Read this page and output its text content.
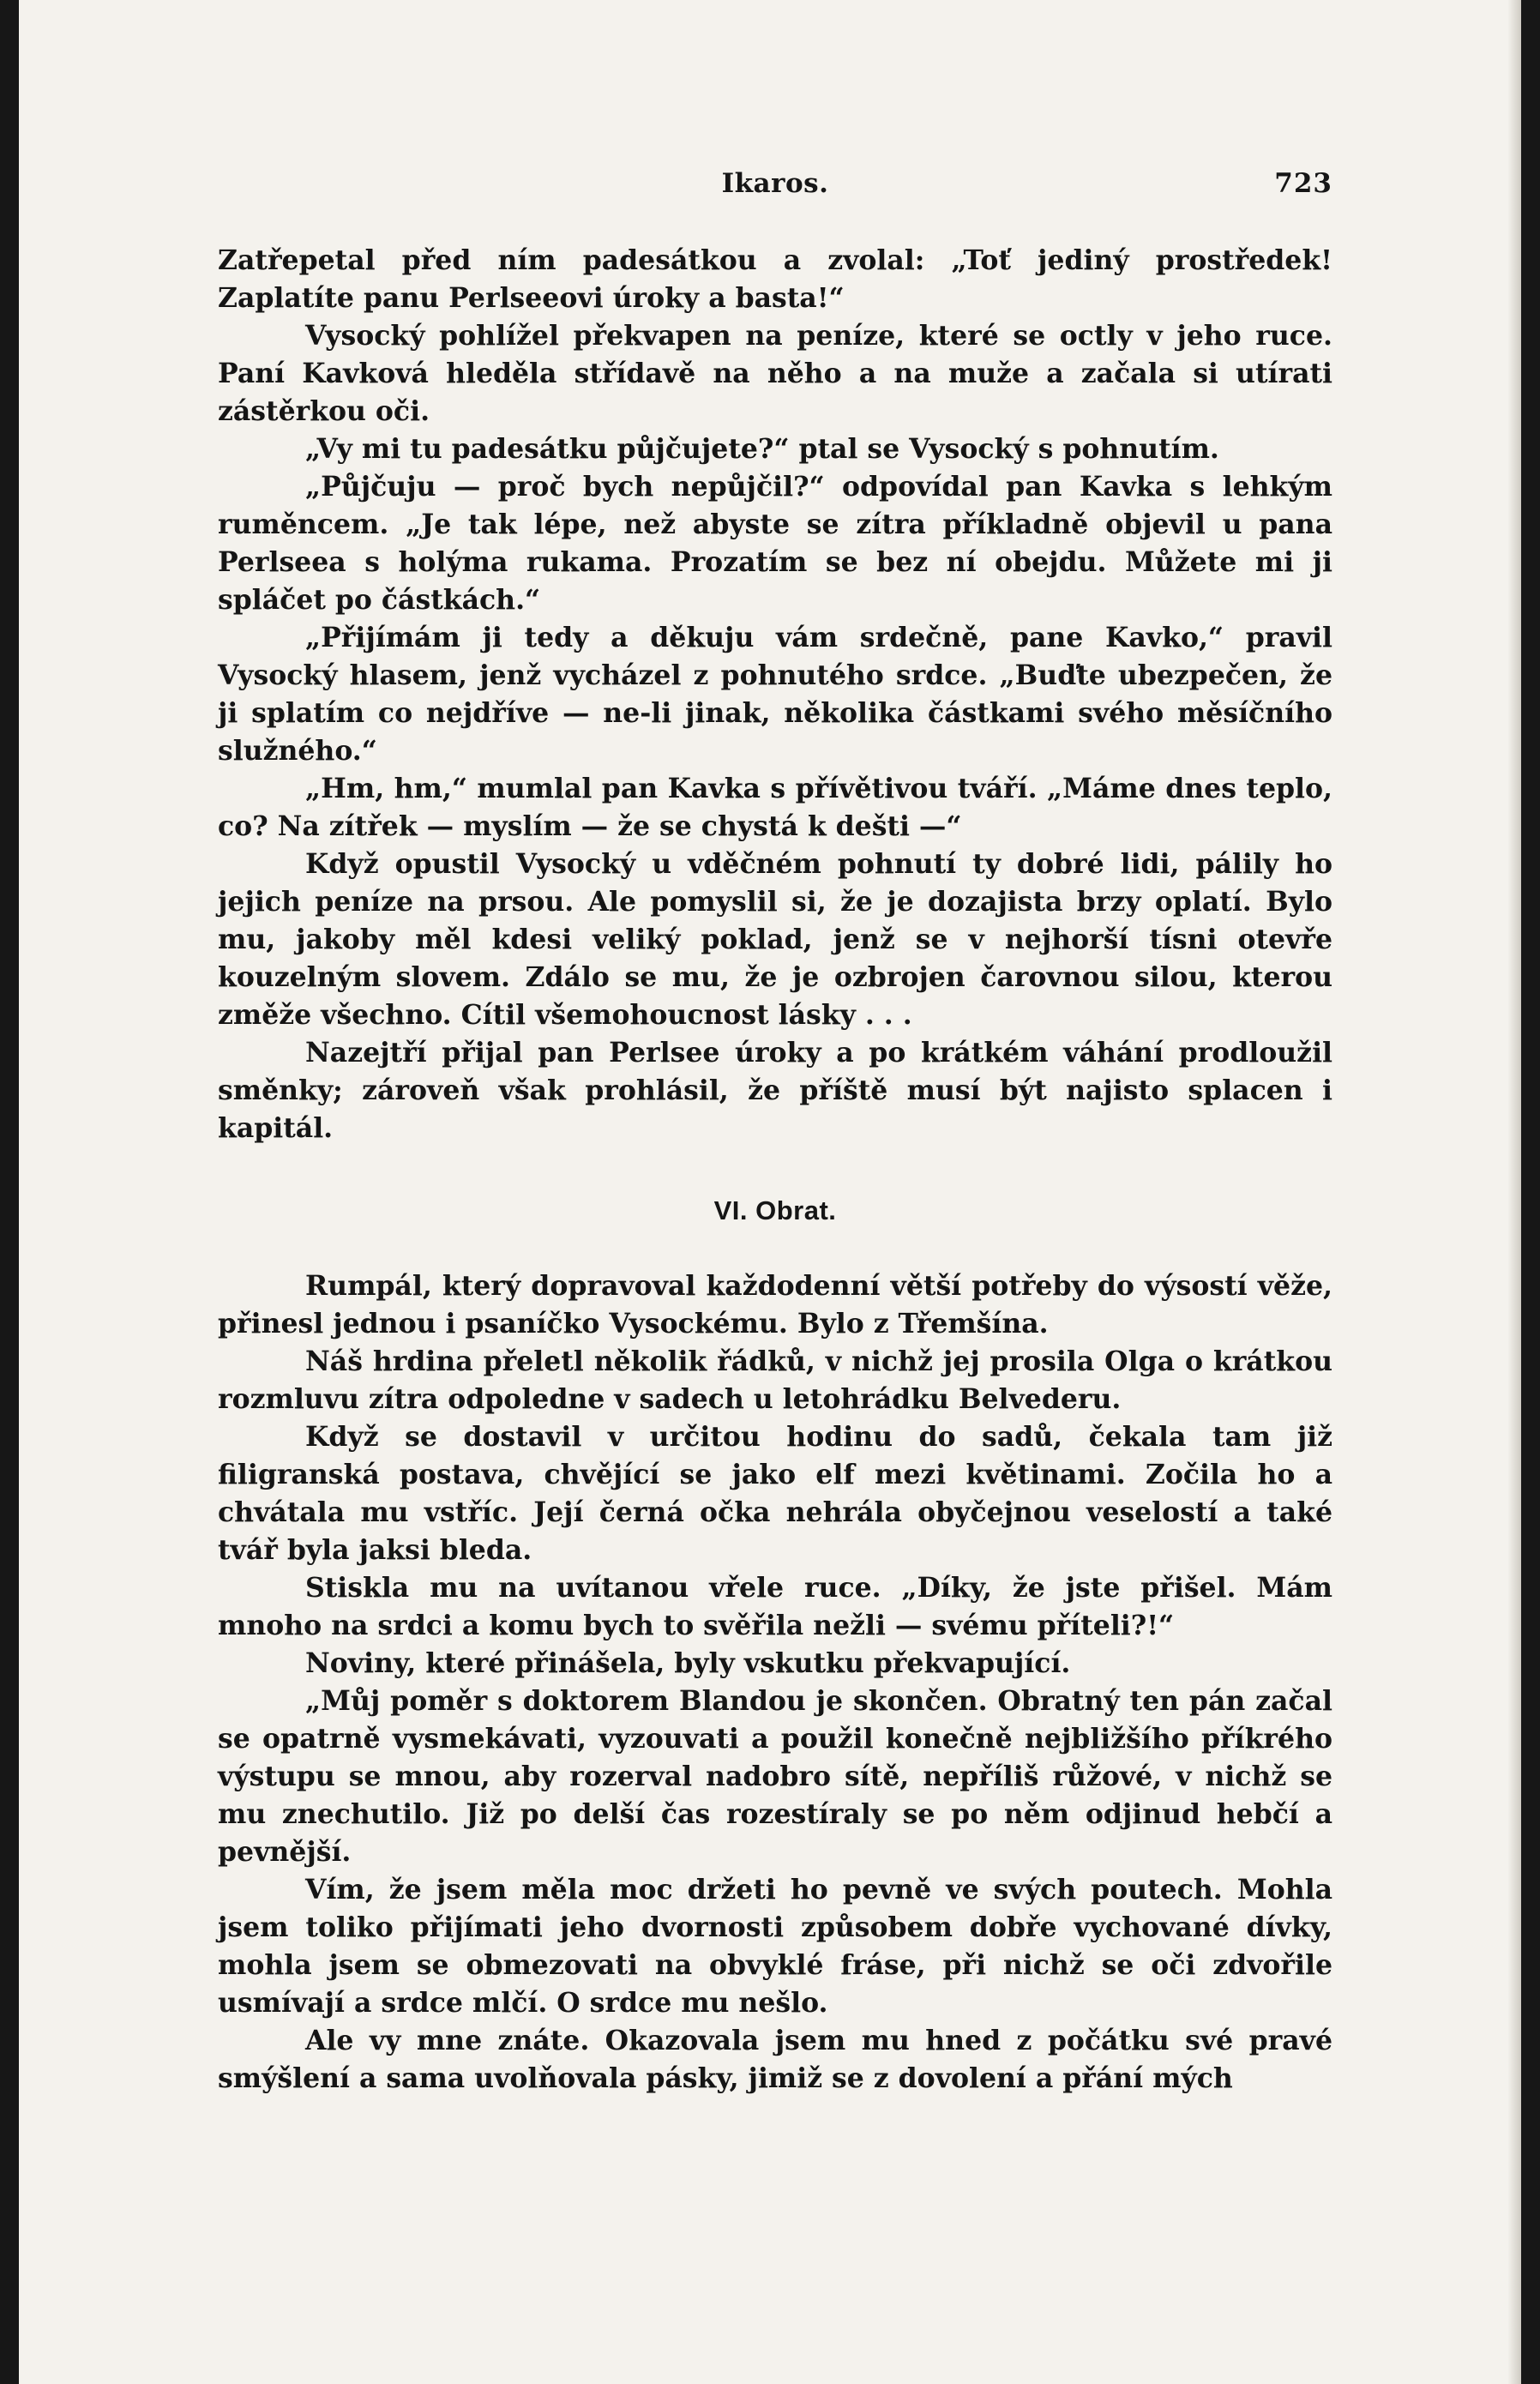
Ikaros.	723

Zatřepetal před ním padesátkou a zvolal: „Toť jediný prostředek! Zaplatíte panu Perlseeovi úroky a basta!“

Vysocký pohlížel překvapen na peníze, které se octly v jeho ruce. Paní Kavková hleděla střídavě na něho a na muže a začala si utírati zástěrkou oči.

„Vy mi tu padesátku půjčujete?“ ptal se Vysocký s pohnutím.

„Půjčuju — proč bych nepůjčil?“ odpovídal pan Kavka s lehkým ruměncem. „Je tak lépe, než abyste se zítra příkladně objevil u pana Perlseea s holýma rukama. Prozatím se bez ní obejdu. Můžete mi ji spláčet po částkách.“

„Přijímám ji tedy a děkuju vám srdečně, pane Kavko,“ pravil Vysocký hlasem, jenž vycházel z pohnutého srdce. „Buďte ubezpečen, že ji splatím co nejdříve — ne-li jinak, několika částkami svého měsíčního služného.“

„Hm, hm,“ mumlal pan Kavka s přívětivou tváří. „Máme dnes teplo, co? Na zítřek — myslím — že se chystá k dešti —“

Když opustil Vysocký u vděčném pohnutí ty dobré lidi, pálily ho jejich peníze na prsou. Ale pomyslil si, že je dozajista brzy oplatí. Bylo mu, jakoby měl kdesi veliký poklad, jenž se v nejhorší tísni otevře kouzelným slovem. Zdálo se mu, že je ozbrojen čarovnou silou, kterou změže všechno. Cítil všemohoucnost lásky . . .

Nazejtří přijal pan Perlsee úroky a po krátkém váhání prodloužil směnky; zároveň však prohlásil, že příště musí být najisto splacen i kapitál.

VI. Obrat.

Rumpál, který dopravoval každodenní větší potřeby do výsostí věže, přinesl jednou i psaníčko Vysockému. Bylo z Třemšína.

Náš hrdina přeletl několik řádků, v nichž jej prosila Olga o krátkou rozmluvu zítra odpoledne v sadech u letohrádku Belvederu.

Když se dostavil v určitou hodinu do sadů, čekala tam již filigranská postava, chvějící se jako elf mezi květinami. Zočila ho a chvátala mu vstříc. Její černá očka nehrála obyčejnou veselostí a také tvář byla jaksi bleda.

Stiskla mu na uvítanou vřele ruce. „Díky, že jste přišel. Mám mnoho na srdci a komu bych to svěřila nežli — svému příteli?!“

Noviny, které přinášela, byly vskutku překvapující.

„Můj poměr s doktorem Blandou je skončen. Obratný ten pán začal se opatrně vysmekávati, vyzouvati a použil konečně nejbližšího příkrého výstupu se mnou, aby rozerval nadobro sítě, nepříliš růžové, v nichž se mu znechutilo. Již po delší čas rozestíraly se po něm odjinud hebčí a pevnější.

Vím, že jsem měla moc držeti ho pevně ve svých poutech. Mohla jsem toliko přijímati jeho dvornosti způsobem dobře vychované dívky, mohla jsem se obmezovati na obvyklé fráse, při nichž se oči zdvořile usmívají a srdce mlčí. O srdce mu nešlo.

Ale vy mne znáte. Okazovala jsem mu hned z počátku své pravé smýšlení a sama uvolňovala pásky, jimiž se z dovolení a přání mých
